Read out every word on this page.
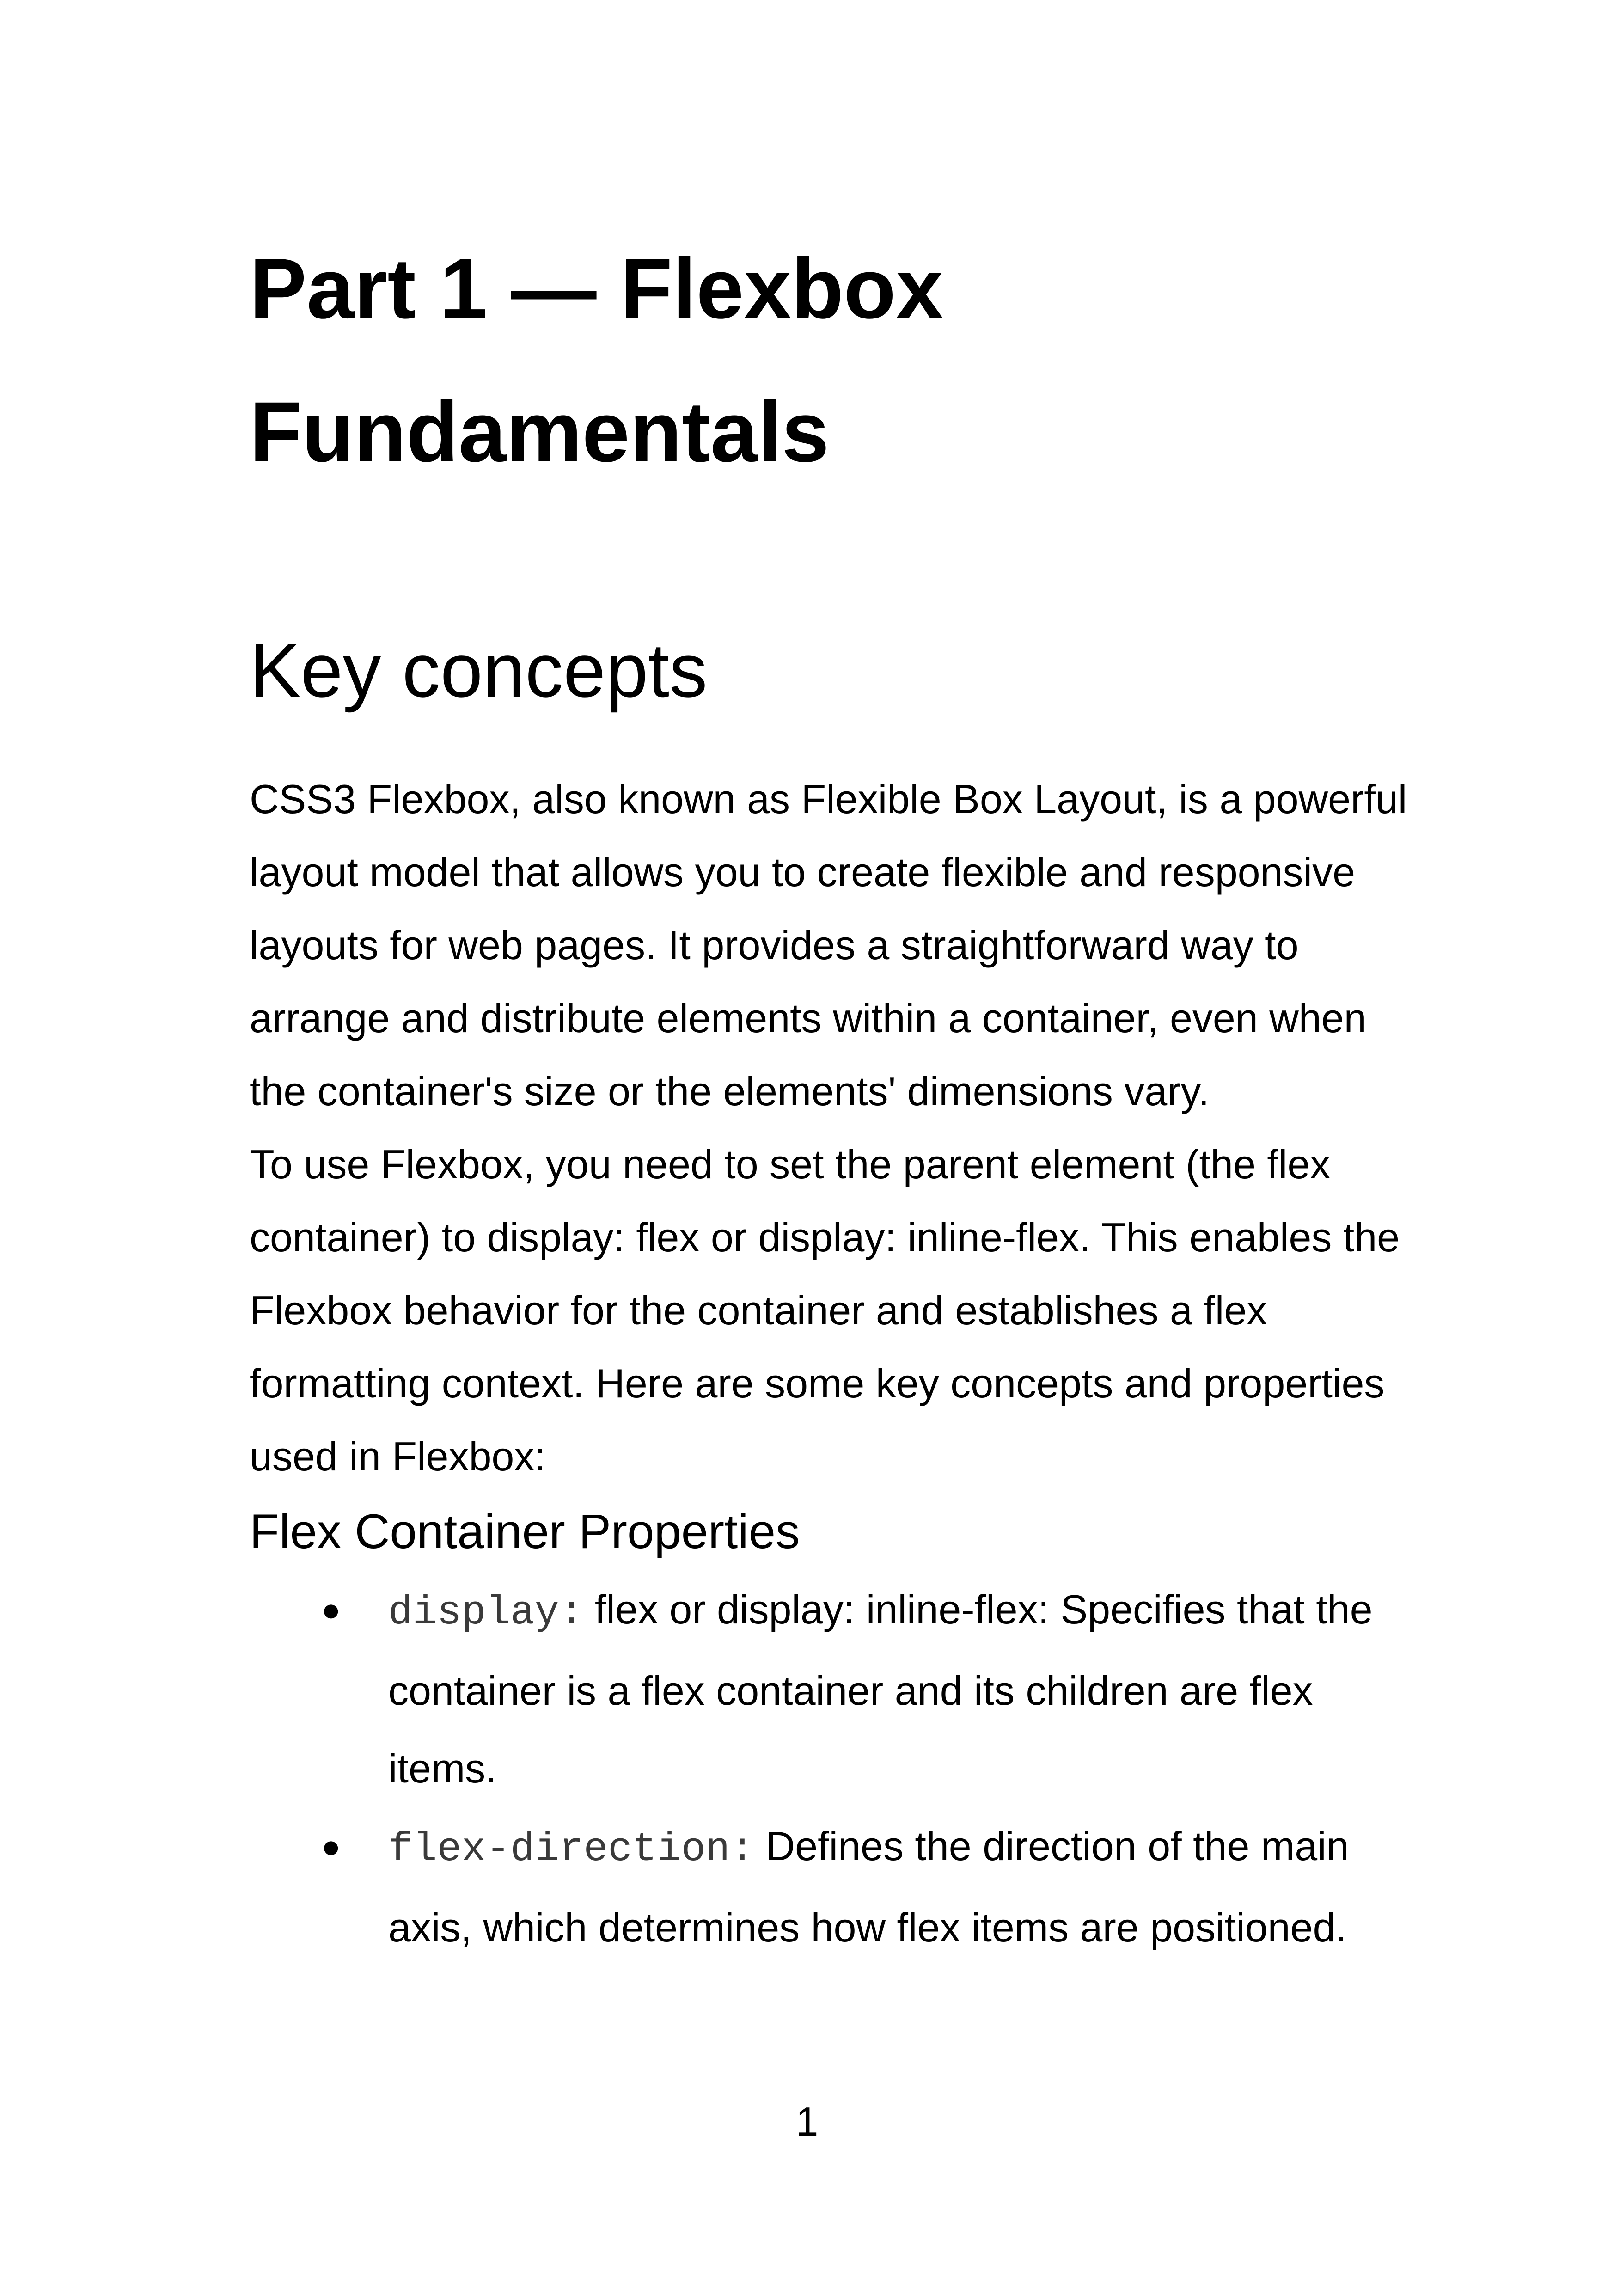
Part 1 — Flexbox
Fundamentals
Key concepts

CSS3 Flexbox, also known as Flexible Box Layout, is a powerful layout model that allows you to create flexible and responsive layouts for web pages. It provides a straightforward way to arrange and distribute elements within a container, even when the container's size or the elements' dimensions vary.

To use Flexbox, you need to set the parent element (the flex container) to display: flex or display: inline-flex. This enables the Flexbox behavior for the container and establishes a flex formatting context. Here are some key concepts and properties used in Flexbox:

Flex Container Properties
● display: flex or display: inline-flex: Specifies that the container is a flex container and its children are flex items.
● flex-direction: Defines the direction of the main axis, which determines how flex items are positioned.
1
